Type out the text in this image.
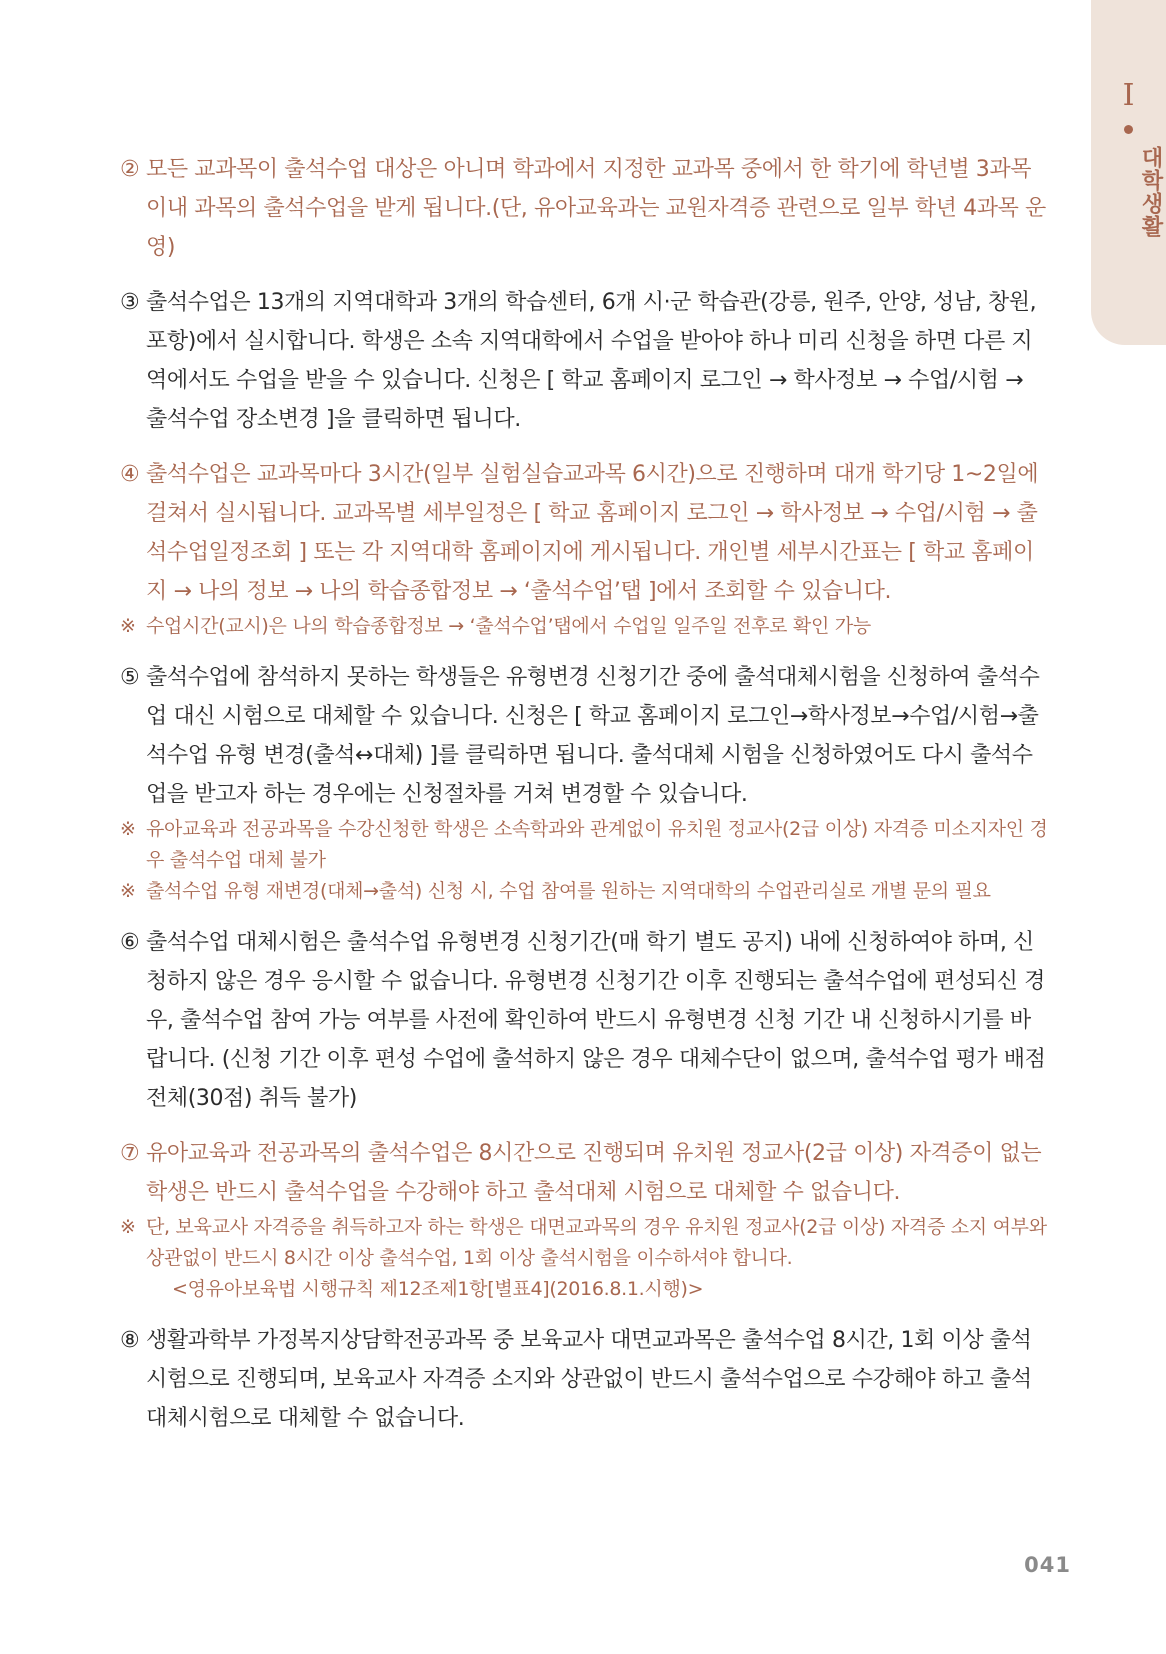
I
대학생활
② 모든 교과목이 출석수업 대상은 아니며 학과에서 지정한 교과목 중에서 한 학기에 학년별 3과목 이내 과목의 출석수업을 받게 됩니다.(단, 유아교육과는 교원자격증 관련으로 일부 학년 4과목 운영)
③ 출석수업은 13개의 지역대학과 3개의 학습센터, 6개 시·군 학습관(강릉, 원주, 안양, 성남, 창원, 포항)에서 실시합니다. 학생은 소속 지역대학에서 수업을 받아야 하나 미리 신청을 하면 다른 지역에서도 수업을 받을 수 있습니다. 신청은 [ 학교 홈페이지 로그인 → 학사정보 → 수업/시험 → 출석수업 장소변경 ]을 클릭하면 됩니다.
④ 출석수업은 교과목마다 3시간(일부 실험실습교과목 6시간)으로 진행하며 대개 학기당 1~2일에 걸쳐서 실시됩니다. 교과목별 세부일정은 [ 학교 홈페이지 로그인 → 학사정보 → 수업/시험 → 출석수업일정조회 ] 또는 각 지역대학 홈페이지에 게시됩니다. 개인별 세부시간표는 [ 학교 홈페이지 → 나의 정보 → 나의 학습종합정보 → ‘출석수업’탭 ]에서 조회할 수 있습니다.
※ 수업시간(교시)은 나의 학습종합정보 → ‘출석수업’탭에서 수업일 일주일 전후로 확인 가능
⑤ 출석수업에 참석하지 못하는 학생들은 유형변경 신청기간 중에 출석대체시험을 신청하여 출석수업 대신 시험으로 대체할 수 있습니다. 신청은 [ 학교 홈페이지 로그인→학사정보→수업/시험→출석수업 유형 변경(출석↔대체) ]를 클릭하면 됩니다. 출석대체 시험을 신청하였어도 다시 출석수업을 받고자 하는 경우에는 신청절차를 거쳐 변경할 수 있습니다.
※ 유아교육과 전공과목을 수강신청한 학생은 소속학과와 관계없이 유치원 정교사(2급 이상) 자격증 미소지자인 경우 출석수업 대체 불가
※ 출석수업 유형 재변경(대체→출석) 신청 시, 수업 참여를 원하는 지역대학의 수업관리실로 개별 문의 필요
⑥ 출석수업 대체시험은 출석수업 유형변경 신청기간(매 학기 별도 공지) 내에 신청하여야 하며, 신청하지 않은 경우 응시할 수 없습니다. 유형변경 신청기간 이후 진행되는 출석수업에 편성되신 경우, 출석수업 참여 가능 여부를 사전에 확인하여 반드시 유형변경 신청 기간 내 신청하시기를 바랍니다. (신청 기간 이후 편성 수업에 출석하지 않은 경우 대체수단이 없으며, 출석수업 평가 배점 전체(30점) 취득 불가)
⑦ 유아교육과 전공과목의 출석수업은 8시간으로 진행되며 유치원 정교사(2급 이상) 자격증이 없는 학생은 반드시 출석수업을 수강해야 하고 출석대체 시험으로 대체할 수 없습니다.
※ 단, 보육교사 자격증을 취득하고자 하는 학생은 대면교과목의 경우 유치원 정교사(2급 이상) 자격증 소지 여부와 상관없이 반드시 8시간 이상 출석수업, 1회 이상 출석시험을 이수하셔야 합니다.
<영유아보육법 시행규칙 제12조제1항[별표4](2016.8.1.시행)>
⑧ 생활과학부 가정복지상담학전공과목 중 보육교사 대면교과목은 출석수업 8시간, 1회 이상 출석시험으로 진행되며, 보육교사 자격증 소지와 상관없이 반드시 출석수업으로 수강해야 하고 출석대체시험으로 대체할 수 없습니다.
041
